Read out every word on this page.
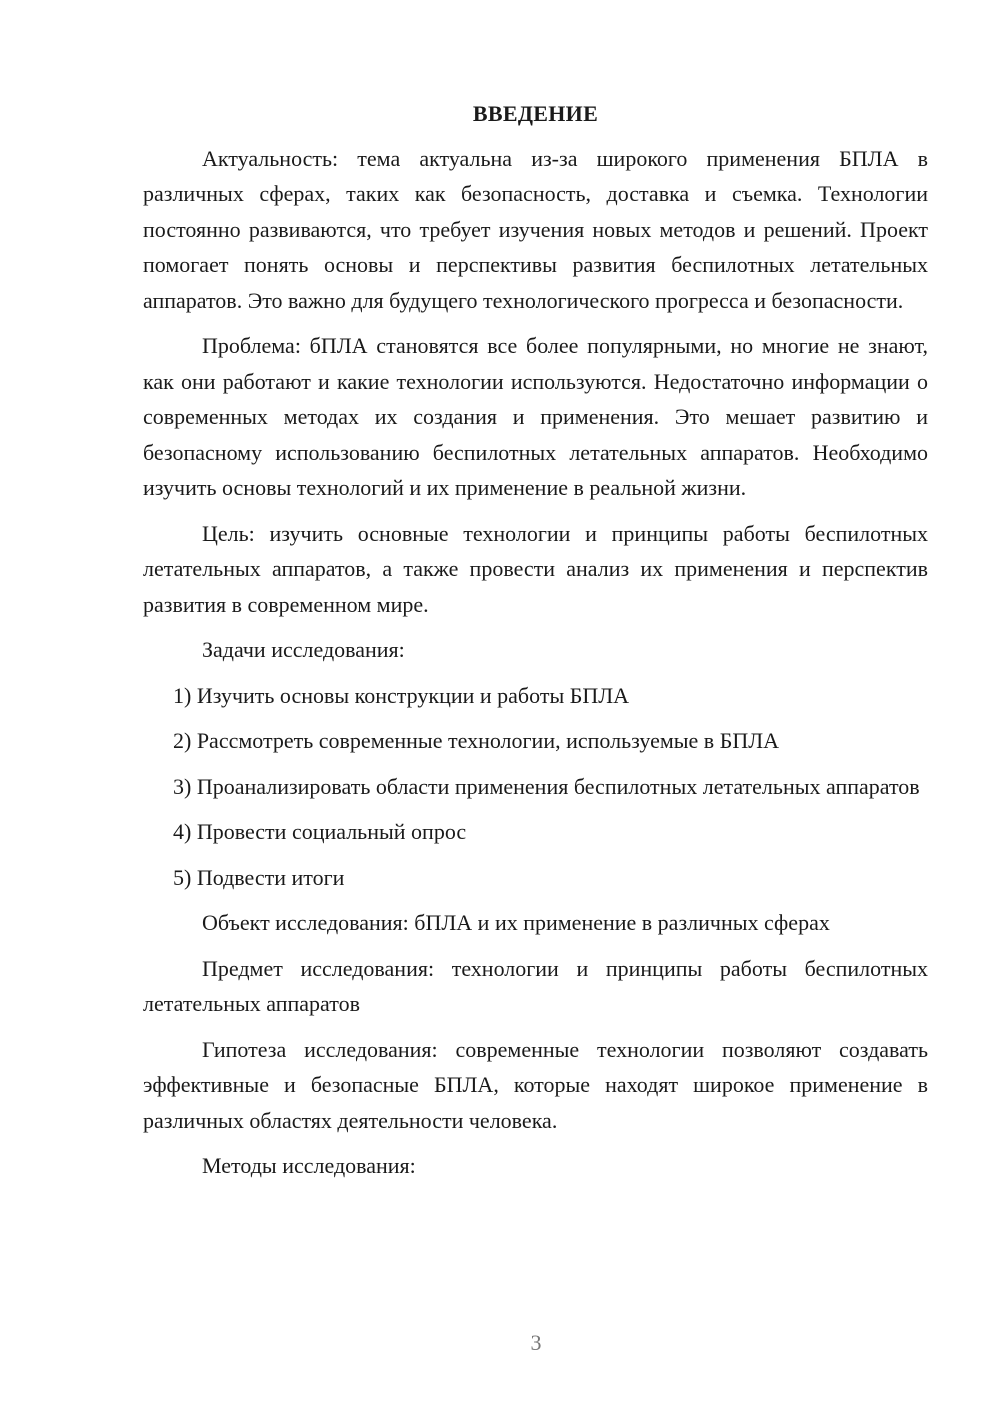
ВВЕДЕНИЕ

Актуальность: тема актуальна из-за широкого применения БПЛА в различных сферах, таких как безопасность, доставка и съемка. Технологии постоянно развиваются, что требует изучения новых методов и решений. Проект помогает понять основы и перспективы развития беспилотных летательных аппаратов. Это важно для будущего технологического прогресса и безопасности.

Проблема: бПЛА становятся все более популярными, но многие не знают, как они работают и какие технологии используются. Недостаточно информации о современных методах их создания и применения. Это мешает развитию и безопасному использованию беспилотных летательных аппаратов. Необходимо изучить основы технологий и их применение в реальной жизни.

Цель: изучить основные технологии и принципы работы беспилотных летательных аппаратов, а также провести анализ их применения и перспектив развития в современном мире.

Задачи исследования:

1) Изучить основы конструкции и работы БПЛА

2) Рассмотреть современные технологии, используемые в БПЛА

3) Проанализировать области применения беспилотных летательных аппаратов

4) Провести социальный опрос

5) Подвести итоги

Объект исследования: бПЛА и их применение в различных сферах

Предмет исследования: технологии и принципы работы беспилотных летательных аппаратов

Гипотеза исследования: современные технологии позволяют создавать эффективные и безопасные БПЛА, которые находят широкое применение в различных областях деятельности человека.

Методы исследования:

3
